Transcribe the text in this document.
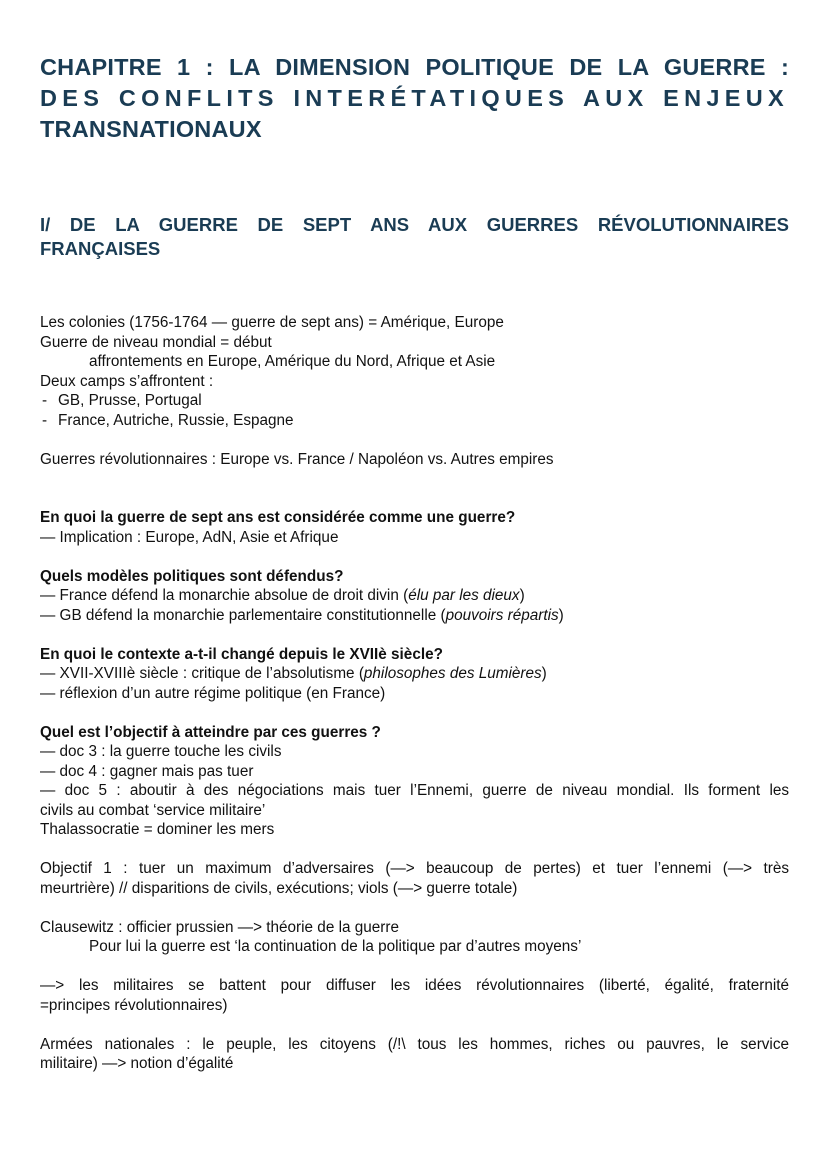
CHAPITRE 1 : LA DIMENSION POLITIQUE DE LA GUERRE :
DES CONFLITS INTERÉTATIQUES AUX ENJEUX
TRANSNATIONAUX
I/ DE LA GUERRE DE SEPT ANS AUX GUERRES RÉVOLUTIONNAIRES
FRANÇAISES

Les colonies (1756-1764 — guerre de sept ans) = Amérique, Europe

Guerre de niveau mondial = début

affrontements en Europe, Amérique du Nord, Afrique et Asie

Deux camps s’affrontent :

- GB, Prusse, Portugal

- France, Autriche, Russie, Espagne

Guerres révolutionnaires : Europe vs. France / Napoléon vs. Autres empires

En quoi la guerre de sept ans est considérée comme une guerre?

— Implication : Europe, AdN, Asie et Afrique

Quels modèles politiques sont défendus?

— France défend la monarchie absolue de droit divin (élu par les dieux)

— GB défend la monarchie parlementaire constitutionnelle (pouvoirs répartis)

En quoi le contexte a-t-il changé depuis le XVIIè siècle?

— XVII-XVIIIè siècle : critique de l’absolutisme (philosophes des Lumières)

— réflexion d’un autre régime politique (en France)

Quel est l’objectif à atteindre par ces guerres ?

— doc 3 : la guerre touche les civils

— doc 4 : gagner mais pas tuer

— doc 5 : aboutir à des négociations mais tuer l’Ennemi, guerre de niveau mondial. Ils forment les

civils au combat ‘service militaire’

Thalassocratie = dominer les mers

Objectif 1 : tuer un maximum d’adversaires (—> beaucoup de pertes) et tuer l’ennemi (—> très

meurtrière) // disparitions de civils, exécutions; viols (—> guerre totale)

Clausewitz : officier prussien —> théorie de la guerre

Pour lui la guerre est ‘la continuation de la politique par d’autres moyens’

—> les militaires se battent pour diffuser les idées révolutionnaires (liberté, égalité, fraternité

=principes révolutionnaires)

Armées nationales : le peuple, les citoyens (/!\ tous les hommes, riches ou pauvres, le service

militaire) —> notion d’égalité
